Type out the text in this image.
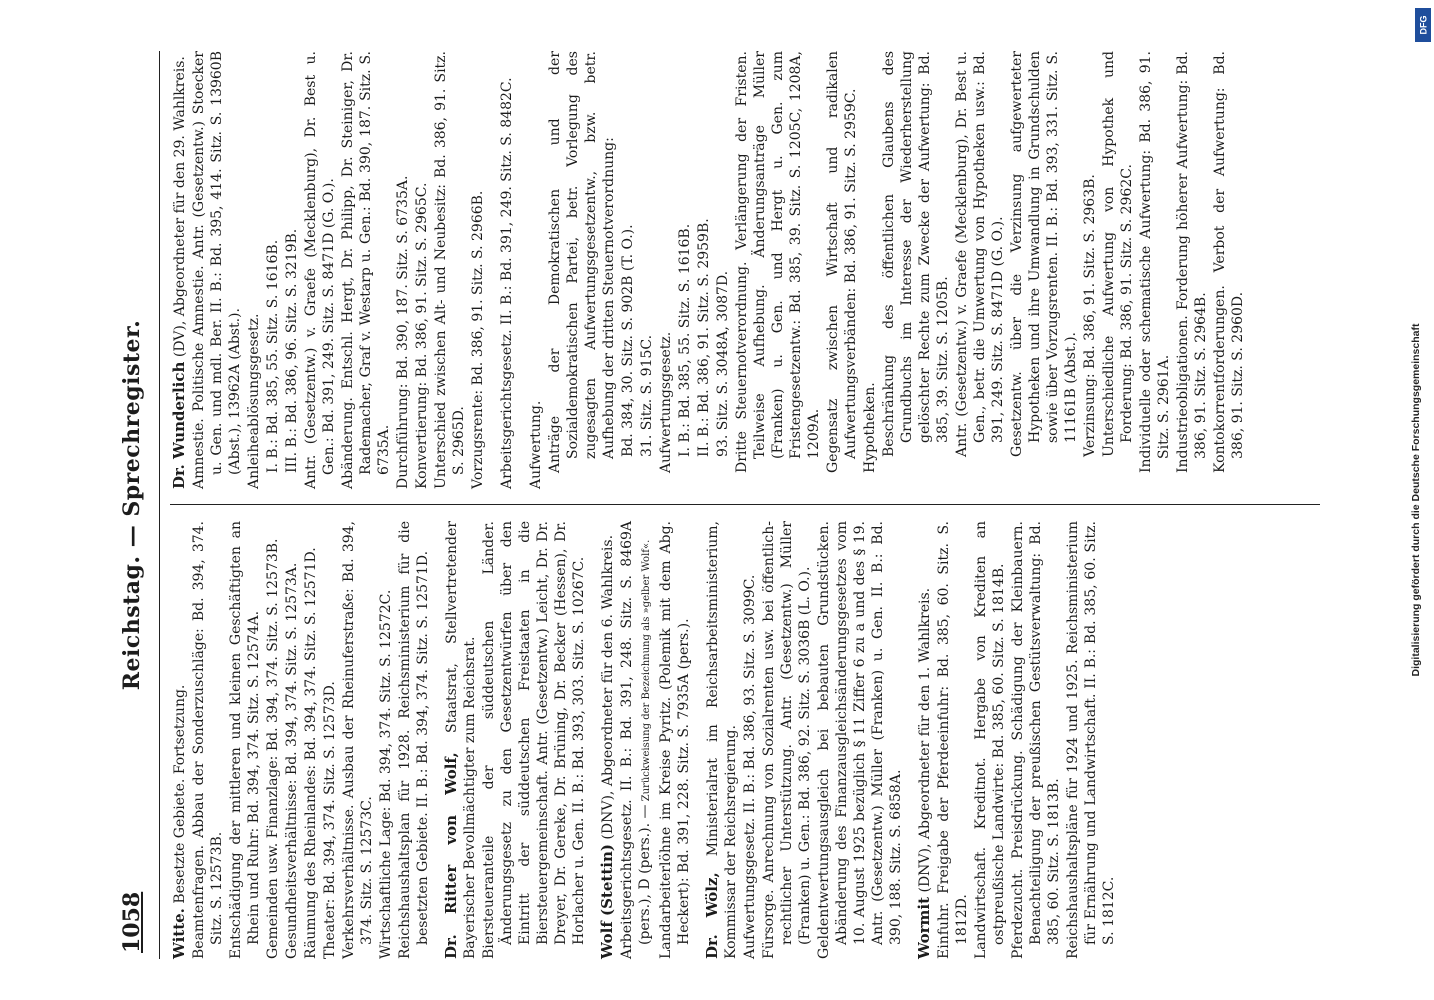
1058
Reichstag. — Sprechregister.
Witte. Besetzte Gebiete. Fortsetzung. Beamtenfragen. Abbau der Sonderzuschläge: Bd. 394, 374. Sitz. S. 12573B. Entschädigung der mittleren und kleinen Geschäftigten an Rhein und Ruhr: Bd. 394, 374. Sitz. S. 12574A. Gemeinden usw. Finanzlage: Bd. 394, 374. Sitz. S. 12573B. Gesundheitsverhältnisse: Bd. 394, 374. Sitz. S. 12573A. Räumung des Rheinlandes: Bd. 394, 374. Sitz. S. 12571D. Theater: Bd. 394, 374. Sitz. S. 12573D. Verkehrsverhältnisse. Ausbau der Rheinuferstraße: Bd. 394, 374. Sitz. S. 12573C. Wirtschaftliche Lage: Bd. 394, 374. Sitz. S. 12572C. Reichshaushaltsplan für 1928. Reichsministerium für die besetzten Gebiete. II. B.: Bd. 394, 374. Sitz. S. 12571D. Dr. Ritter von Wolf, Staatsrat, Stellvertretender Bayerischer Bevollmächtigter zum Reichsrat. Biersteueranteile der süddeutschen Länder. Änderungsgesetz zu den Gesetzentwürfen über den Eintritt der süddeutschen Freistaaten in die Biersteuergemeinschaft. Antr. (Gesetzentw.) Leicht, Dr. Dr. Dreyer, Dr. Gereke, Dr. Brüning, Dr. Becker (Hessen), Dr. Horlacher u. Gen. II. B.: Bd. 393, 303. Sitz. S. 10267C. Wolf (Stettin) (DNV), Abgeordneter für den 6. Wahlkreis. Arbeitsgerichtsgesetz. II. B.: Bd. 391, 248. Sitz. S. 8469A (pers.), D (pers.). — Zurückweisung der Bezeichnung als »gelber Wolf«. Landarbeiterlöhne im Kreise Pyritz. (Polemik mit dem Abg. Heckert): Bd. 391, 228. Sitz. S. 7935A (pers.). Dr. Wölz, Ministerialrat im Reichsarbeitsministerium, Kommissar der Reichsregierung. Aufwertungsgesetz. II. B.: Bd. 386, 93. Sitz. S. 3099C. Fürsorge. Anrechnung von Sozialrenten usw. bei öffentlich-rechtlicher Unterstützung. Antr. (Gesetzentw.) Müller (Franken) u. Gen.: Bd. 386, 92. Sitz. S. 3036B (L. O.). Geldentwertungsausgleich bei bebauten Grundstücken. Abänderung des Finanzausgleichsänderungsgesetzes vom 10. August 1925 bezüglich § 11 Ziffer 6 zu a und des § 19. Antr. (Gesetzentw.) Müller (Franken) u. Gen. II. B.: Bd. 390, 188. Sitz. S. 6858A. Wormit (DNV), Abgeordneter für den 1. Wahlkreis. Einfuhr. Freigabe der Pferdeeinfuhr: Bd. 385, 60. Sitz. S. 1812D. Landwirtschaft. Kreditnot. Hergabe von Krediten an ostpreußische Landwirte: Bd. 385, 60. Sitz. S. 1814B. Pferdezucht. Preisdrückung. Schädigung der Kleinbauern. Benachteiligung der preußischen Gestütsverwaltung: Bd. 385, 60. Sitz. S. 1813B. Reichshaushaltspläne für 1924 und 1925. Reichsministerium für Ernährung und Landwirtschaft. II. B.: Bd. 385, 60. Sitz. S. 1812C.
Dr. Wunderlich (DV), Abgeordneter für den 29. Wahlkreis. Amnestie. Politische Amnestie. Antr. (Gesetzentw.) Stoecker u. Gen. und mdl. Ber. II. B.: Bd. 395, 414. Sitz. S. 13960B (Abst.), 13962A (Abst.). Anleiheablösungsgesetz. I. B.: Bd. 385, 55. Sitz. S. 1616B. III. B.: Bd. 386, 96. Sitz. S. 3219B. Antr. (Gesetzentw.) v. Graefe (Mecklenburg), Dr. Best u. Gen.: Bd. 391, 249. Sitz. S. 8471D (G. O.). Abänderung. Entschl. Hergt, Dr. Philipp, Dr. Steiniger, Dr. Rademacher, Graf v. Westarp u. Gen.: Bd. 390, 187. Sitz. S. 6735A. Durchführung: Bd. 390, 187. Sitz. S. 6735A. Konvertierung: Bd. 386, 91. Sitz. S. 2965C. Unterschied zwischen Alt- und Neubesitz: Bd. 386, 91. Sitz. S. 2965D. Vorzugsrente: Bd. 386, 91. Sitz. S. 2966B. Arbeitsgerichtsgesetz. II. B.: Bd. 391, 249. Sitz. S. 8482C. Aufwertung. Anträge der Demokratischen und der Sozialdemokratischen Partei, betr. Vorlegung des zugesagten Aufwertungsgesetzentw., bzw. betr. Aufhebung der dritten Steuernotverordnung: Bd. 384, 30. Sitz. S. 902B (T. O.). 31. Sitz. S. 915C. Aufwertungsgesetz. I. B.: Bd. 385, 55. Sitz. S. 1616B. II. B.: Bd. 386, 91. Sitz. S. 2959B. 93. Sitz. S. 3048A, 3087D. Dritte Steuernotverordnung. Verlängerung der Fristen. Teilweise Aufhebung. Änderungsanträge Müller (Franken) u. Gen. und Hergt u. Gen. zum Fristengesetzentw.: Bd. 385, 39. Sitz. S. 1205C, 1208A, 1209A. Gegensatz zwischen Wirtschaft und radikalen Aufwertungsverbänden: Bd. 386, 91. Sitz. S. 2959C. Hypotheken. Beschränkung des öffentlichen Glaubens des Grundbuchs im Interesse der Wiederherstellung gelöschter Rechte zum Zwecke der Aufwertung: Bd. 385, 39. Sitz. S. 1205B. Antr. (Gesetzentw.) v. Graefe (Mecklenburg), Dr. Best u. Gen., betr. die Umwertung von Hypotheken usw.: Bd. 391, 249. Sitz. S. 8471D (G. O.). Gesetzentw. über die Verzinsung aufgewerteter Hypotheken und ihre Umwandlung in Grundschulden sowie über Vorzugsrenten. II. B.: Bd. 393, 331. Sitz. S. 11161B (Abst.). Verzinsung: Bd. 386, 91. Sitz. S. 2963B. Unterschiedliche Aufwertung von Hypothek und Forderung: Bd. 386, 91. Sitz. S. 2962C. Individuelle oder schematische Aufwertung: Bd. 386, 91. Sitz. S. 2961A. Industrieobligationen. Forderung höherer Aufwertung: Bd. 386, 91. Sitz. S. 2964B. Kontokorrentforderungen. Verbot der Aufwertung: Bd. 386, 91. Sitz. S. 2960D.	Digitalisierung gefördert durch die Deutsche Forschungsgemeinschaft
DFG
